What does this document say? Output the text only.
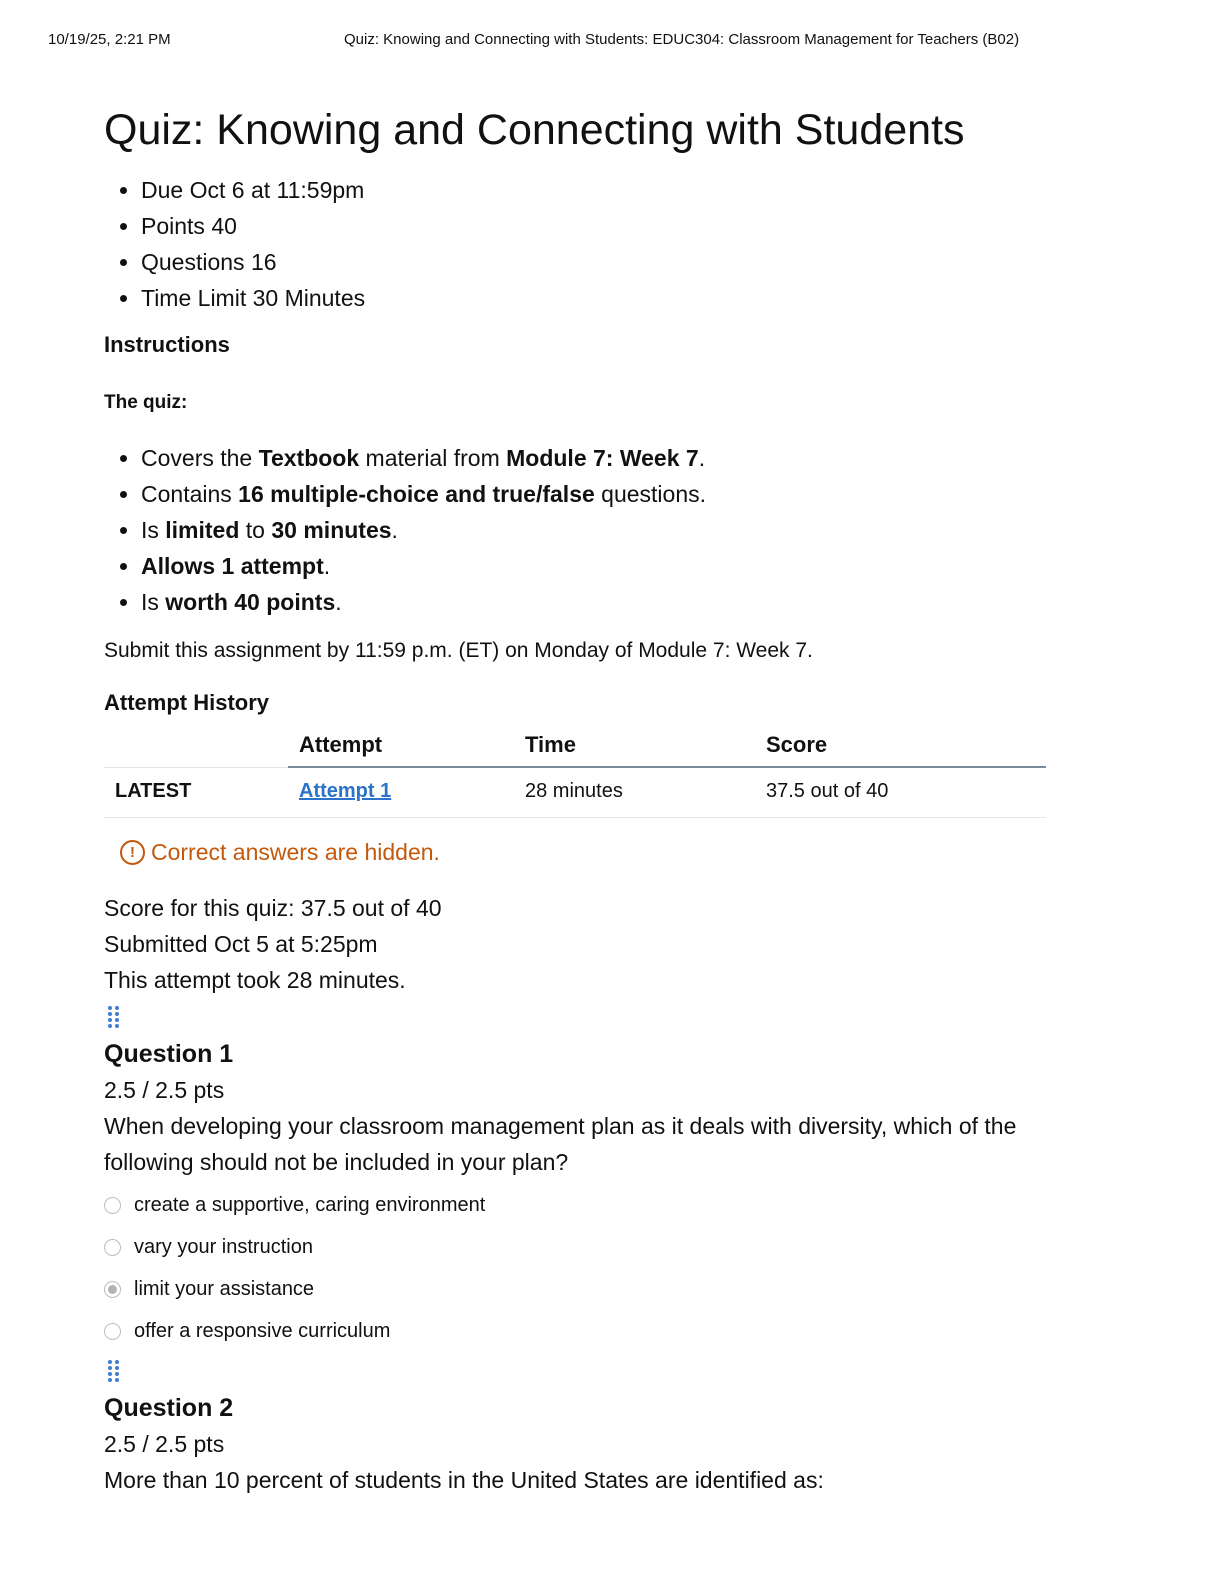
10/19/25, 2:21 PM	Quiz: Knowing and Connecting with Students: EDUC304: Classroom Management for Teachers (B02)
Quiz: Knowing and Connecting with Students
• Due Oct 6 at 11:59pm
• Points 40
• Questions 16
• Time Limit 30 Minutes
Instructions
The quiz:
• Covers the Textbook material from Module 7: Week 7.
• Contains 16 multiple-choice and true/false questions.
• Is limited to 30 minutes.
• Allows 1 attempt.
• Is worth 40 points.
Submit this assignment by 11:59 p.m. (ET) on Monday of Module 7: Week 7.
Attempt History
	Attempt	Time	Score
LATEST	Attempt 1	28 minutes	37.5 out of 40
! Correct answers are hidden.
Score for this quiz: 37.5 out of 40
Submitted Oct 5 at 5:25pm
This attempt took 28 minutes.
Question 1
2.5 / 2.5 pts
When developing your classroom management plan as it deals with diversity, which of the following should not be included in your plan?
create a supportive, caring environment
vary your instruction
limit your assistance
offer a responsive curriculum
Question 2
2.5 / 2.5 pts
More than 10 percent of students in the United States are identified as:
